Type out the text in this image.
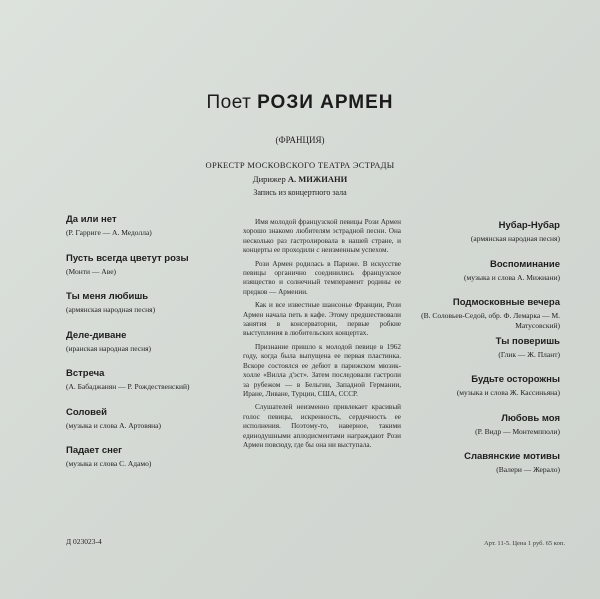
Поет РОЗИ АРМЕН
(ФРАНЦИЯ)
ОРКЕСТР МОСКОВСКОГО ТЕАТРА ЭСТРАДЫ
Дирижер А. МИЖИАНИ
Запись из концертного зала
Да или нет
(Р. Гарриге — А. Медолла)
Пусть всегда цветут розы
(Монти — Аве)
Ты меня любишь
(армянская народная песня)
Деле-диване
(иранская народная песня)
Встреча
(А. Бабаджанян — Р. Рождественский)
Соловей
(музыка и слова А. Артовяна)
Падает снег
(музыка и слова С. Адамо)

Имя молодой французской певицы Рози Армен хорошо знакомо любителям эстрадной песни. Она несколько раз гастролировала в нашей стране, и концерты ее проходили с неизменным успехом.

Рози Армен родилась в Париже. В искусстве певицы органично соединились французское изящество и солнечный темперамент родины ее предков — Армении.

Как и все известные шансонье Франции, Рози Армен начала петь в кафе. Этому предшествовали занятия в консерватории, первые робкие выступления в любительских концертах.

Признание пришло к молодой певице в 1962 году, когда была выпущена ее первая пластинка. Вскоре состоялся ее дебют в парижском мюзик-холле «Вилла д'эст». Затем последовали гастроли за рубежом — в Бельгии, Западной Германии, Иране, Ливане, Турции, США, СССР.

Слушателей неизменно привлекает красивый голос певицы, искренность, сердечность ее исполнения. Поэтому-то, наверное, такими единодушными аплодисментами награждают Рози Армен повсюду, где бы она ни выступала.

Нубар-Нубар
(армянская народная песня)
Воспоминание
(музыка и слова А. Мижиани)
Подмосковные вечера
(В. Соловьев-Седой, обр. Ф. Лемарка — М. Матусовский)
Ты поверишь
(Глик — Ж. Плант)
Будьте осторожны
(музыка и слова Ж. Кассиньяна)
Любовь моя
(Р. Видр — Монтемпполи)
Славянские мотивы
(Валери — Жерало)
Д 023023-4	Арт. 11-5. Цена 1 руб. 65 коп.
